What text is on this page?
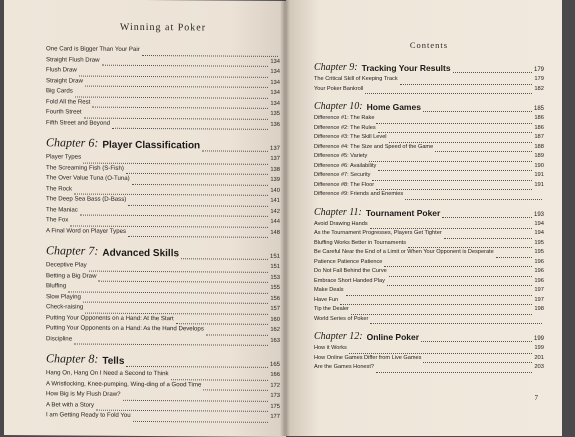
Winning at Poker
One Card is Bigger Than Your Pair
Straight Flush Draw	134
Flush Draw	134
Straight Draw	134
Big Cards	134
Fold All the Rest	134
Fourth Street	135
Fifth Street and Beyond	136
Chapter 6: Player Classification	137
Player Types	137
The Screaming Fish (S-Fish)	138
The Over Value Tuna (O-Tuna)	139
The Rock	140
The Deep Sea Bass (D-Bass)	141
The Maniac	142
The Fox	144
A Final Word on Player Types	148
Chapter 7: Advanced Skills	151
Deceptive Play	151
Betting a Big Draw	153
Bluffing	155
Slow Playing	156
Check-raising	157
Putting Your Opponents on a Hand: At the Start	160
Putting Your Opponents on a Hand: As the Hand Develops	162
Discipline	163
Chapter 8: Tells	165
Hang On, Hang On I Need a Second to Think	166
A Wristlocking, Knee-pumping, Wing-ding of a Good Time	172
How Big is My Flush Draw?	173
A Bet with a Story	175
I am Getting Ready to Fold You	177
Contents
Chapter 9: Tracking Your Results	179
The Critical Skill of Keeping Track	179
Your Poker Bankroll	182
Chapter 10: Home Games	185
Difference #1: The Rake	186
Difference #2: The Rules	186
Difference #3: The Skill Level	187
Difference #4: The Size and Speed of the Game	188
Difference #5: Variety	189
Difference #6: Availability	190
Difference #7: Security	191
Difference #8: The Floor	191
Difference #9: Friends and Enemies
Chapter 11: Tournament Poker	193
Avoid Drawing Hands	194
As the Tournament Progresses, Players Get Tighter	194
Bluffing Works Better in Tournaments	195
Be Careful Near the End of a Limit or When Your Opponent is Desperate	195
Patience Patience Patience	196
Do Not Fall Behind the Curve	196
Embrace Short Handed Play	196
Make Deals	197
Have Fun	197
Tip the Dealer	198
World Series of Poker
Chapter 12: Online Poker	199
How it Works	199
How Online Games Differ from Live Games	201
Are the Games Honest?	203
7
